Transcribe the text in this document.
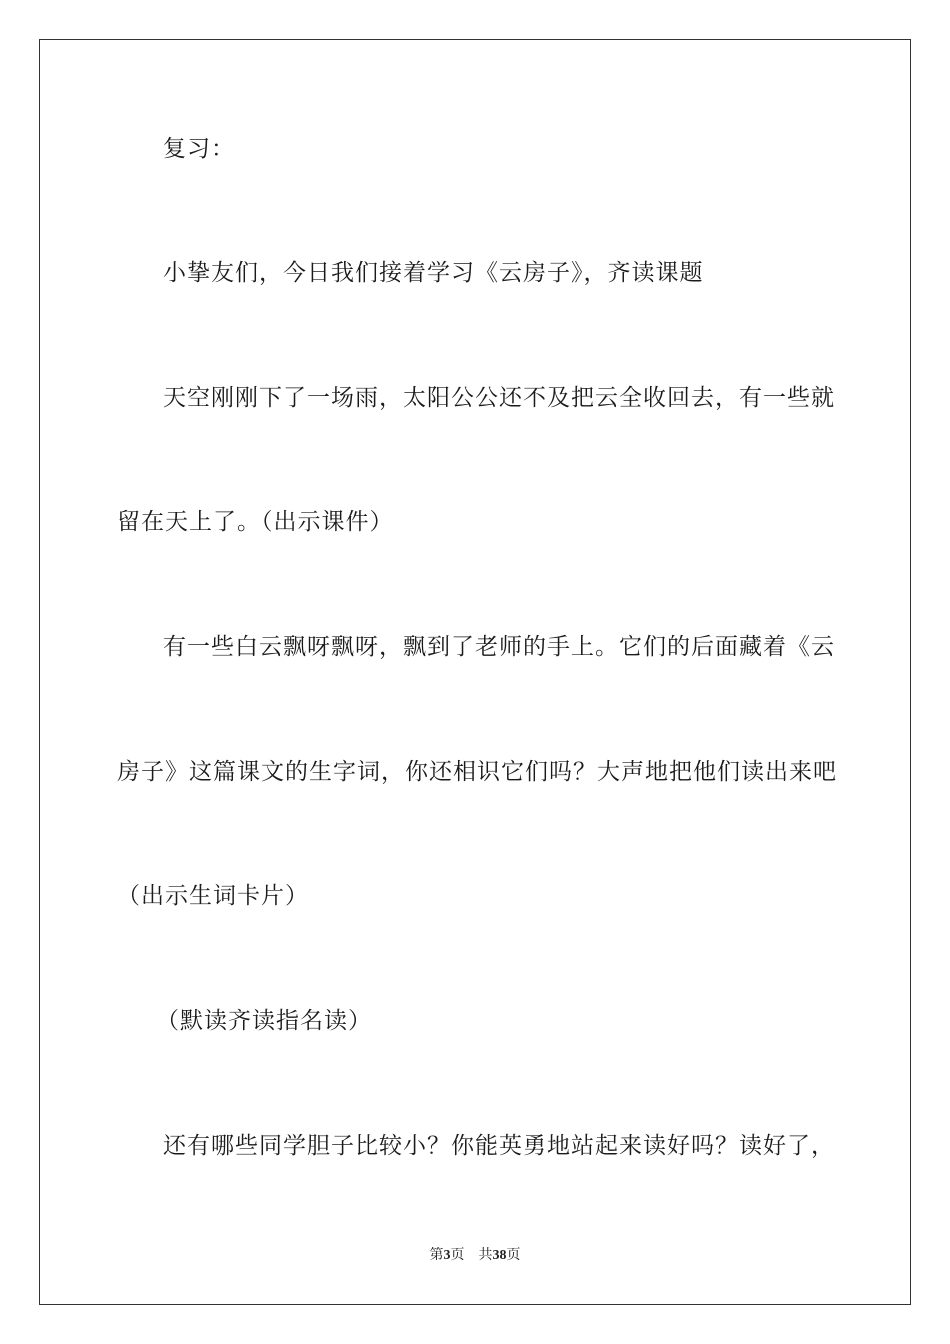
复习：
小挚友们，今日我们接着学习《云房子》，齐读课题
天空刚刚下了一场雨，太阳公公还不及把云全收回去，有一些就
留在天上了。（出示课件）
有一些白云飘呀飘呀，飘到了老师的手上。它们的后面藏着《云
房子》这篇课文的生字词，你还相识它们吗？大声地把他们读出来吧
（出示生词卡片）
（默读齐读指名读）
还有哪些同学胆子比较小？你能英勇地站起来读好吗？读好了，
第3页 共38页
